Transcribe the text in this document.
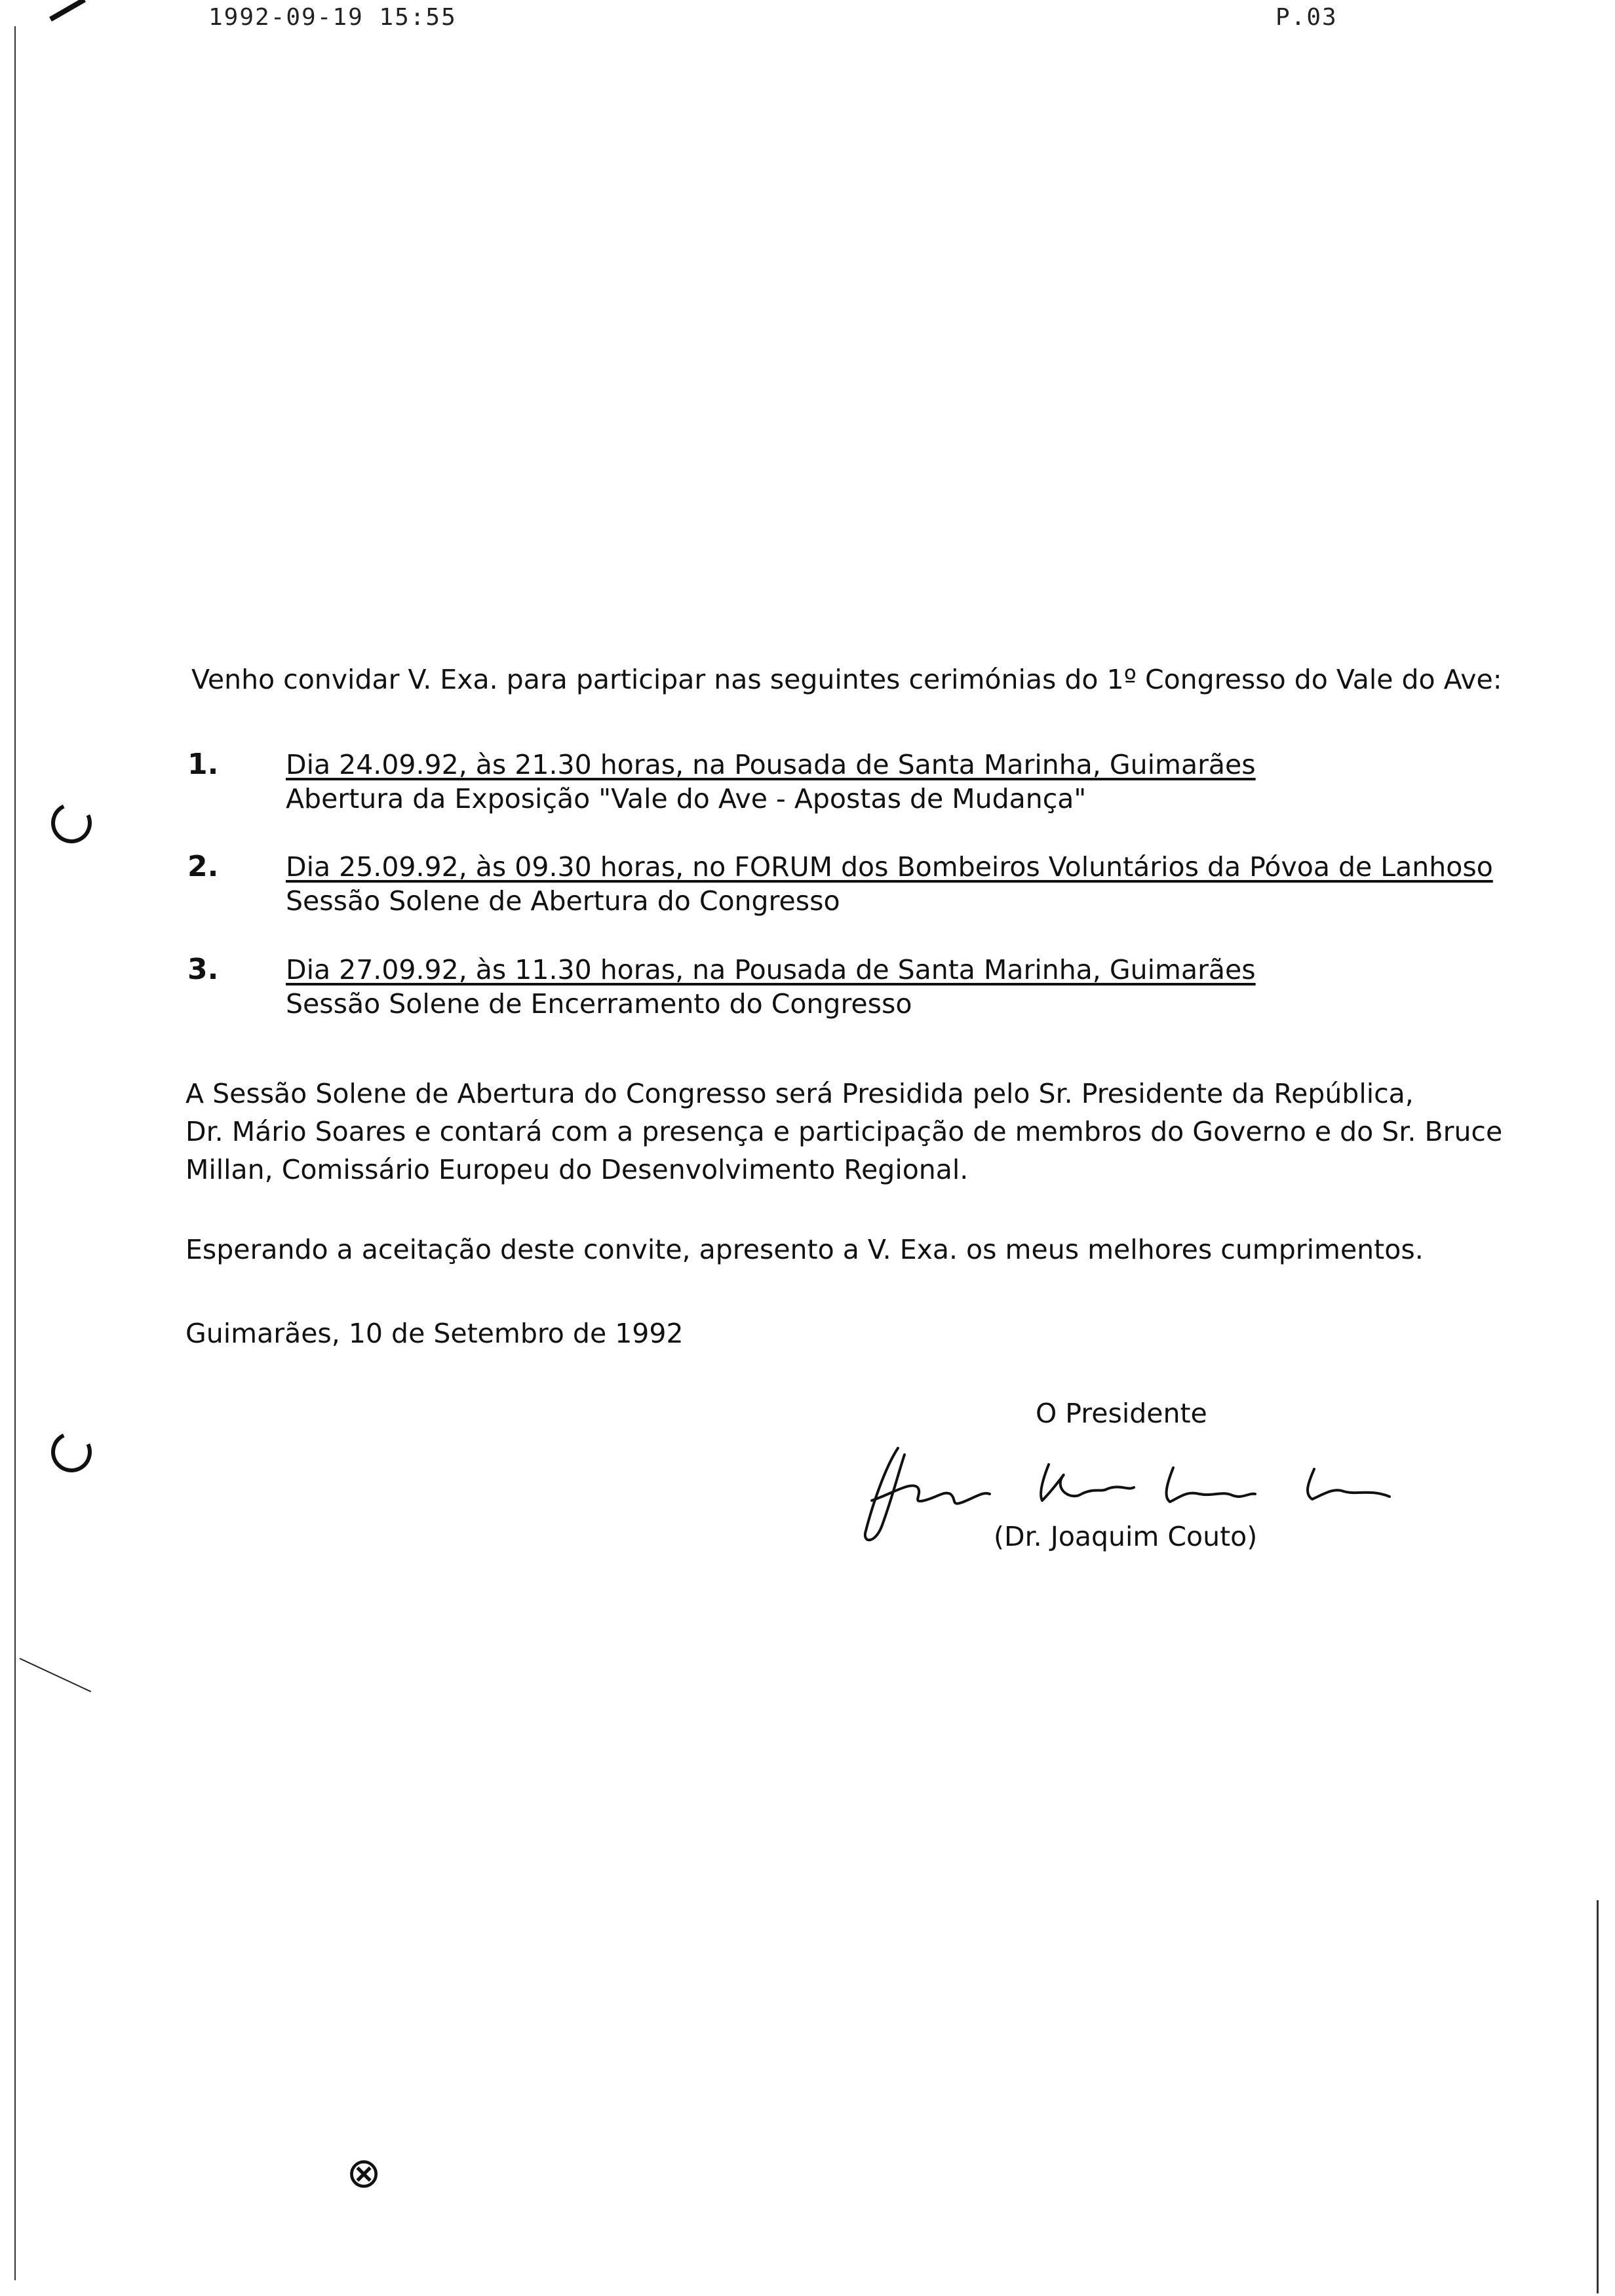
1992-09-19 15:55	P.03
⊗
Venho convidar V. Exa. para participar nas seguintes cerimónias do 1º Congresso do Vale do Ave:
1.	Dia 24.09.92, às 21.30 horas, na Pousada de Santa Marinha, Guimarães
Abertura da Exposição "Vale do Ave - Apostas de Mudança"
2.	Dia 25.09.92, às 09.30 horas, no FORUM dos Bombeiros Voluntários da Póvoa de Lanhoso
Sessão Solene de Abertura do Congresso
3.	Dia 27.09.92, às 11.30 horas, na Pousada de Santa Marinha, Guimarães
Sessão Solene de Encerramento do Congresso
A Sessão Solene de Abertura do Congresso será Presidida pelo Sr. Presidente da República,
Dr. Mário Soares e contará com a presença e participação de membros do Governo e do Sr. Bruce
Millan, Comissário Europeu do Desenvolvimento Regional.
Esperando a aceitação deste convite, apresento a V. Exa. os meus melhores cumprimentos.
Guimarães, 10 de Setembro de 1992
O Presidente
(Dr. Joaquim Couto)
